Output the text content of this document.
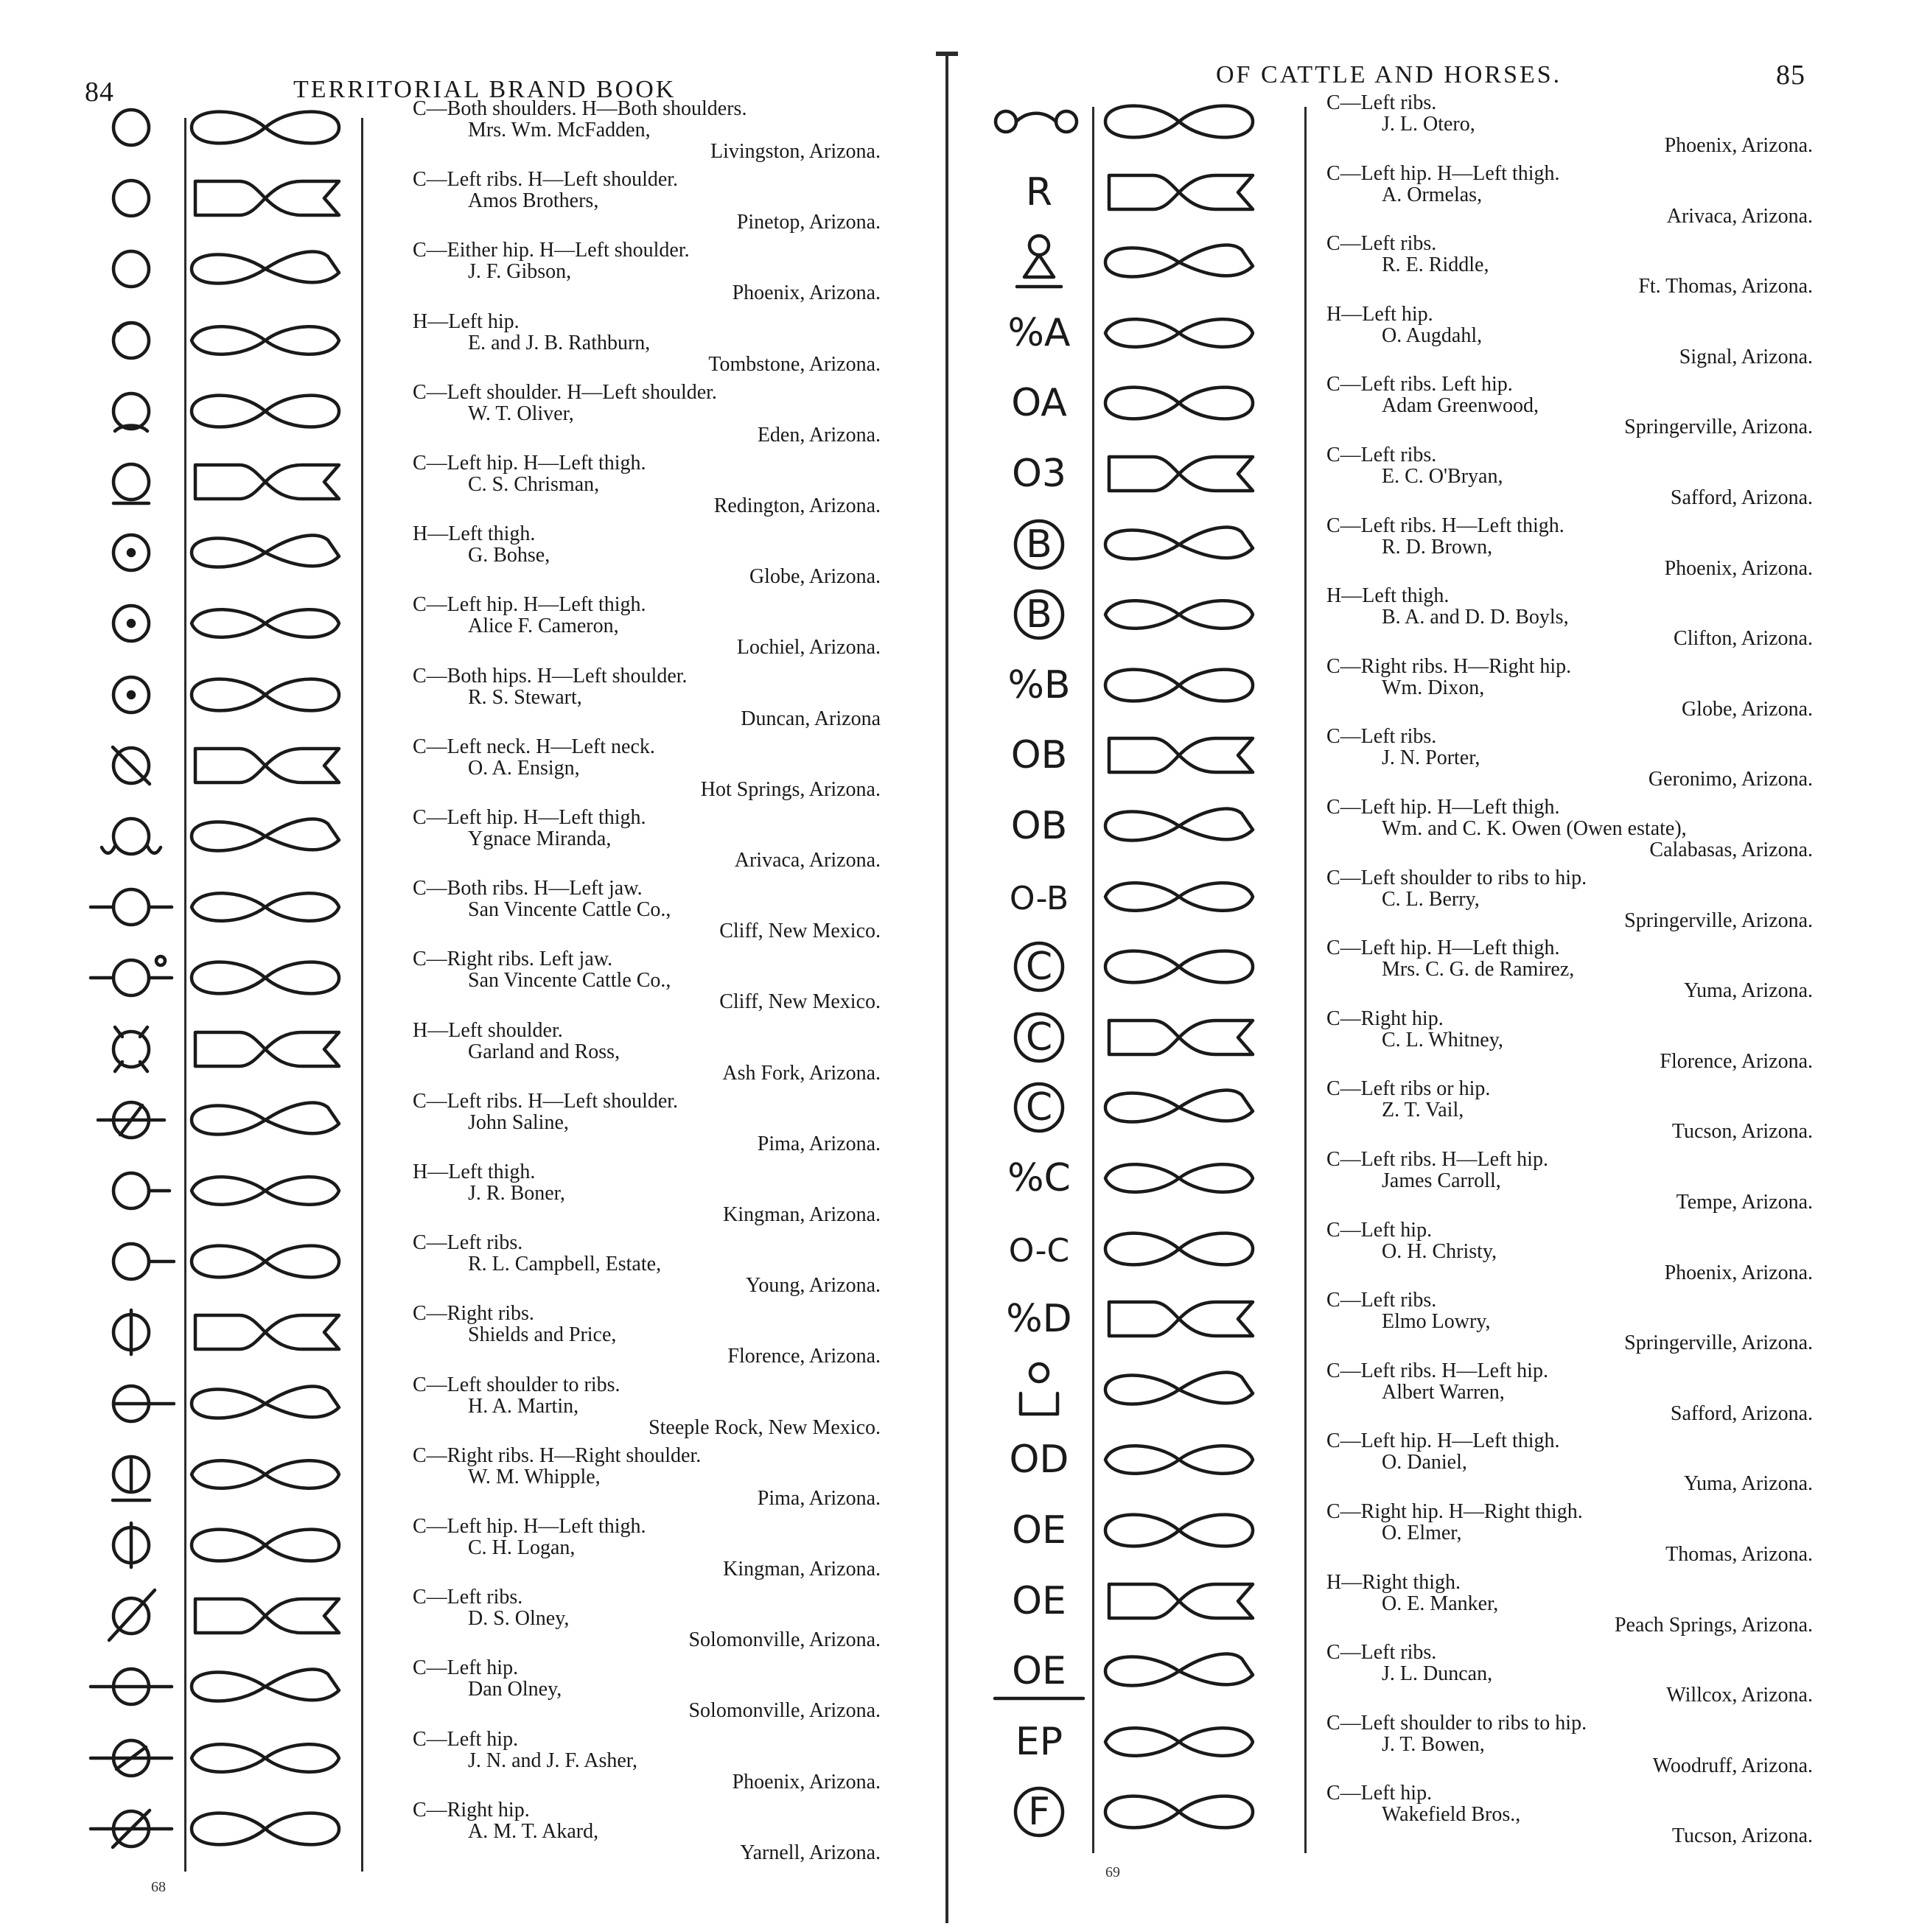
84	TERRITORIAL BRAND BOOK
OF CATTLE AND HORSES.	85
68
69
C—Both shoulders. H—Both shoulders.
Mrs. Wm. McFadden,
Livingston, Arizona.
C—Left ribs. H—Left shoulder.
Amos Brothers,
Pinetop, Arizona.
C—Either hip. H—Left shoulder.
J. F. Gibson,
Phoenix, Arizona.
H—Left hip.
E. and J. B. Rathburn,
Tombstone, Arizona.
C—Left shoulder. H—Left shoulder.
W. T. Oliver,
Eden, Arizona.
C—Left hip. H—Left thigh.
C. S. Chrisman,
Redington, Arizona.
H—Left thigh.
G. Bohse,
Globe, Arizona.
C—Left hip. H—Left thigh.
Alice F. Cameron,
Lochiel, Arizona.
C—Both hips. H—Left shoulder.
R. S. Stewart,
Duncan, Arizona
C—Left neck. H—Left neck.
O. A. Ensign,
Hot Springs, Arizona.
C—Left hip. H—Left thigh.
Ygnace Miranda,
Arivaca, Arizona.
C—Both ribs. H—Left jaw.
San Vincente Cattle Co.,
Cliff, New Mexico.
C—Right ribs. Left jaw.
San Vincente Cattle Co.,
Cliff, New Mexico.
H—Left shoulder.
Garland and Ross,
Ash Fork, Arizona.
C—Left ribs. H—Left shoulder.
John Saline,
Pima, Arizona.
H—Left thigh.
J. R. Boner,
Kingman, Arizona.
C—Left ribs.
R. L. Campbell, Estate,
Young, Arizona.
C—Right ribs.
Shields and Price,
Florence, Arizona.
C—Left shoulder to ribs.
H. A. Martin,
Steeple Rock, New Mexico.
C—Right ribs. H—Right shoulder.
W. M. Whipple,
Pima, Arizona.
C—Left hip. H—Left thigh.
C. H. Logan,
Kingman, Arizona.
C—Left ribs.
D. S. Olney,
Solomonville, Arizona.
C—Left hip.
Dan Olney,
Solomonville, Arizona.
C—Left hip.
J. N. and J. F. Asher,
Phoenix, Arizona.
C—Right hip.
A. M. T. Akard,
Yarnell, Arizona.
R
%A
OA
O3
B
B
%B
OB
OB
O-B
C
C
C
%C
O-C
%D
OD
OE
OE
OE
EP
F
C—Left ribs.
J. L. Otero,
Phoenix, Arizona.
C—Left hip. H—Left thigh.
A. Ormelas,
Arivaca, Arizona.
C—Left ribs.
R. E. Riddle,
Ft. Thomas, Arizona.
H—Left hip.
O. Augdahl,
Signal, Arizona.
C—Left ribs. Left hip.
Adam Greenwood,
Springerville, Arizona.
C—Left ribs.
E. C. O'Bryan,
Safford, Arizona.
C—Left ribs. H—Left thigh.
R. D. Brown,
Phoenix, Arizona.
H—Left thigh.
B. A. and D. D. Boyls,
Clifton, Arizona.
C—Right ribs. H—Right hip.
Wm. Dixon,
Globe, Arizona.
C—Left ribs.
J. N. Porter,
Geronimo, Arizona.
C—Left hip. H—Left thigh.
Wm. and C. K. Owen (Owen estate),
Calabasas, Arizona.
C—Left shoulder to ribs to hip.
C. L. Berry,
Springerville, Arizona.
C—Left hip. H—Left thigh.
Mrs. C. G. de Ramirez,
Yuma, Arizona.
C—Right hip.
C. L. Whitney,
Florence, Arizona.
C—Left ribs or hip.
Z. T. Vail,
Tucson, Arizona.
C—Left ribs. H—Left hip.
James Carroll,
Tempe, Arizona.
C—Left hip.
O. H. Christy,
Phoenix, Arizona.
C—Left ribs.
Elmo Lowry,
Springerville, Arizona.
C—Left ribs. H—Left hip.
Albert Warren,
Safford, Arizona.
C—Left hip. H—Left thigh.
O. Daniel,
Yuma, Arizona.
C—Right hip. H—Right thigh.
O. Elmer,
Thomas, Arizona.
H—Right thigh.
O. E. Manker,
Peach Springs, Arizona.
C—Left ribs.
J. L. Duncan,
Willcox, Arizona.
C—Left shoulder to ribs to hip.
J. T. Bowen,
Woodruff, Arizona.
C—Left hip.
Wakefield Bros.,
Tucson, Arizona.
